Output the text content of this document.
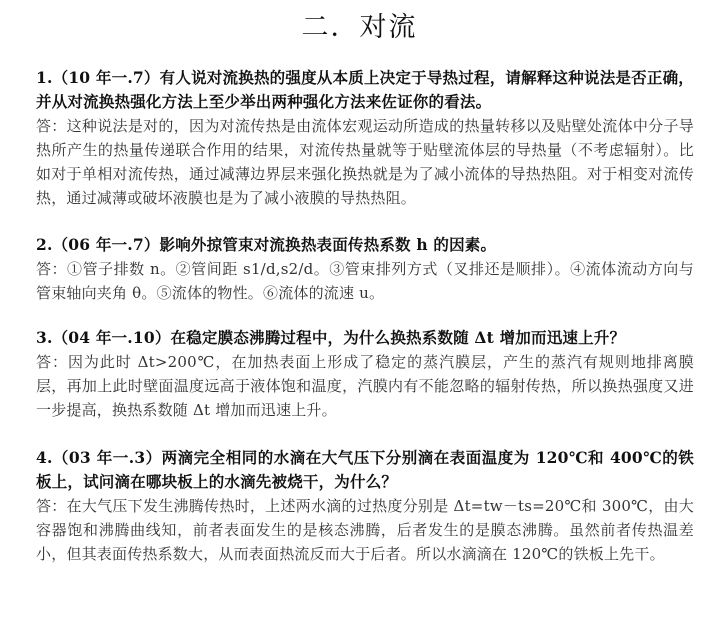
二．对流
1.（10 年一.7）有人说对流换热的强度从本质上决定于导热过程，请解释这种说法是否正确，并从对流换热强化方法上至少举出两种强化方法来佐证你的看法。
答：这种说法是对的，因为对流传热是由流体宏观运动所造成的热量转移以及贴壁处流体中分子导热所产生的热量传递联合作用的结果，对流传热量就等于贴壁流体层的导热量（不考虑辐射）。比如对于单相对流传热，通过减薄边界层来强化换热就是为了减小流体的导热热阻。对于相变对流传热，通过减薄或破坏液膜也是为了减小液膜的导热热阻。
2.（06 年一.7）影响外掠管束对流换热表面传热系数 h 的因素。
答：①管子排数 n。②管间距 s1/d,s2/d。③管束排列方式（叉排还是顺排）。④流体流动方向与管束轴向夹角 θ。⑤流体的物性。⑥流体的流速 u。
3.（04 年一.10）在稳定膜态沸腾过程中，为什么换热系数随 Δt 增加而迅速上升？
答：因为此时 Δt>200℃，在加热表面上形成了稳定的蒸汽膜层，产生的蒸汽有规则地排离膜层，再加上此时壁面温度远高于液体饱和温度，汽膜内有不能忽略的辐射传热，所以换热强度又进一步提高，换热系数随 Δt 增加而迅速上升。
4.（03 年一.3）两滴完全相同的水滴在大气压下分别滴在表面温度为 120℃和 400℃的铁板上，试问滴在哪块板上的水滴先被烧干，为什么？
答：在大气压下发生沸腾传热时，上述两水滴的过热度分别是 Δt=tw－ts=20℃和 300℃，由大容器饱和沸腾曲线知，前者表面发生的是核态沸腾，后者发生的是膜态沸腾。虽然前者传热温差小，但其表面传热系数大，从而表面热流反而大于后者。所以水滴滴在 120℃的铁板上先干。
